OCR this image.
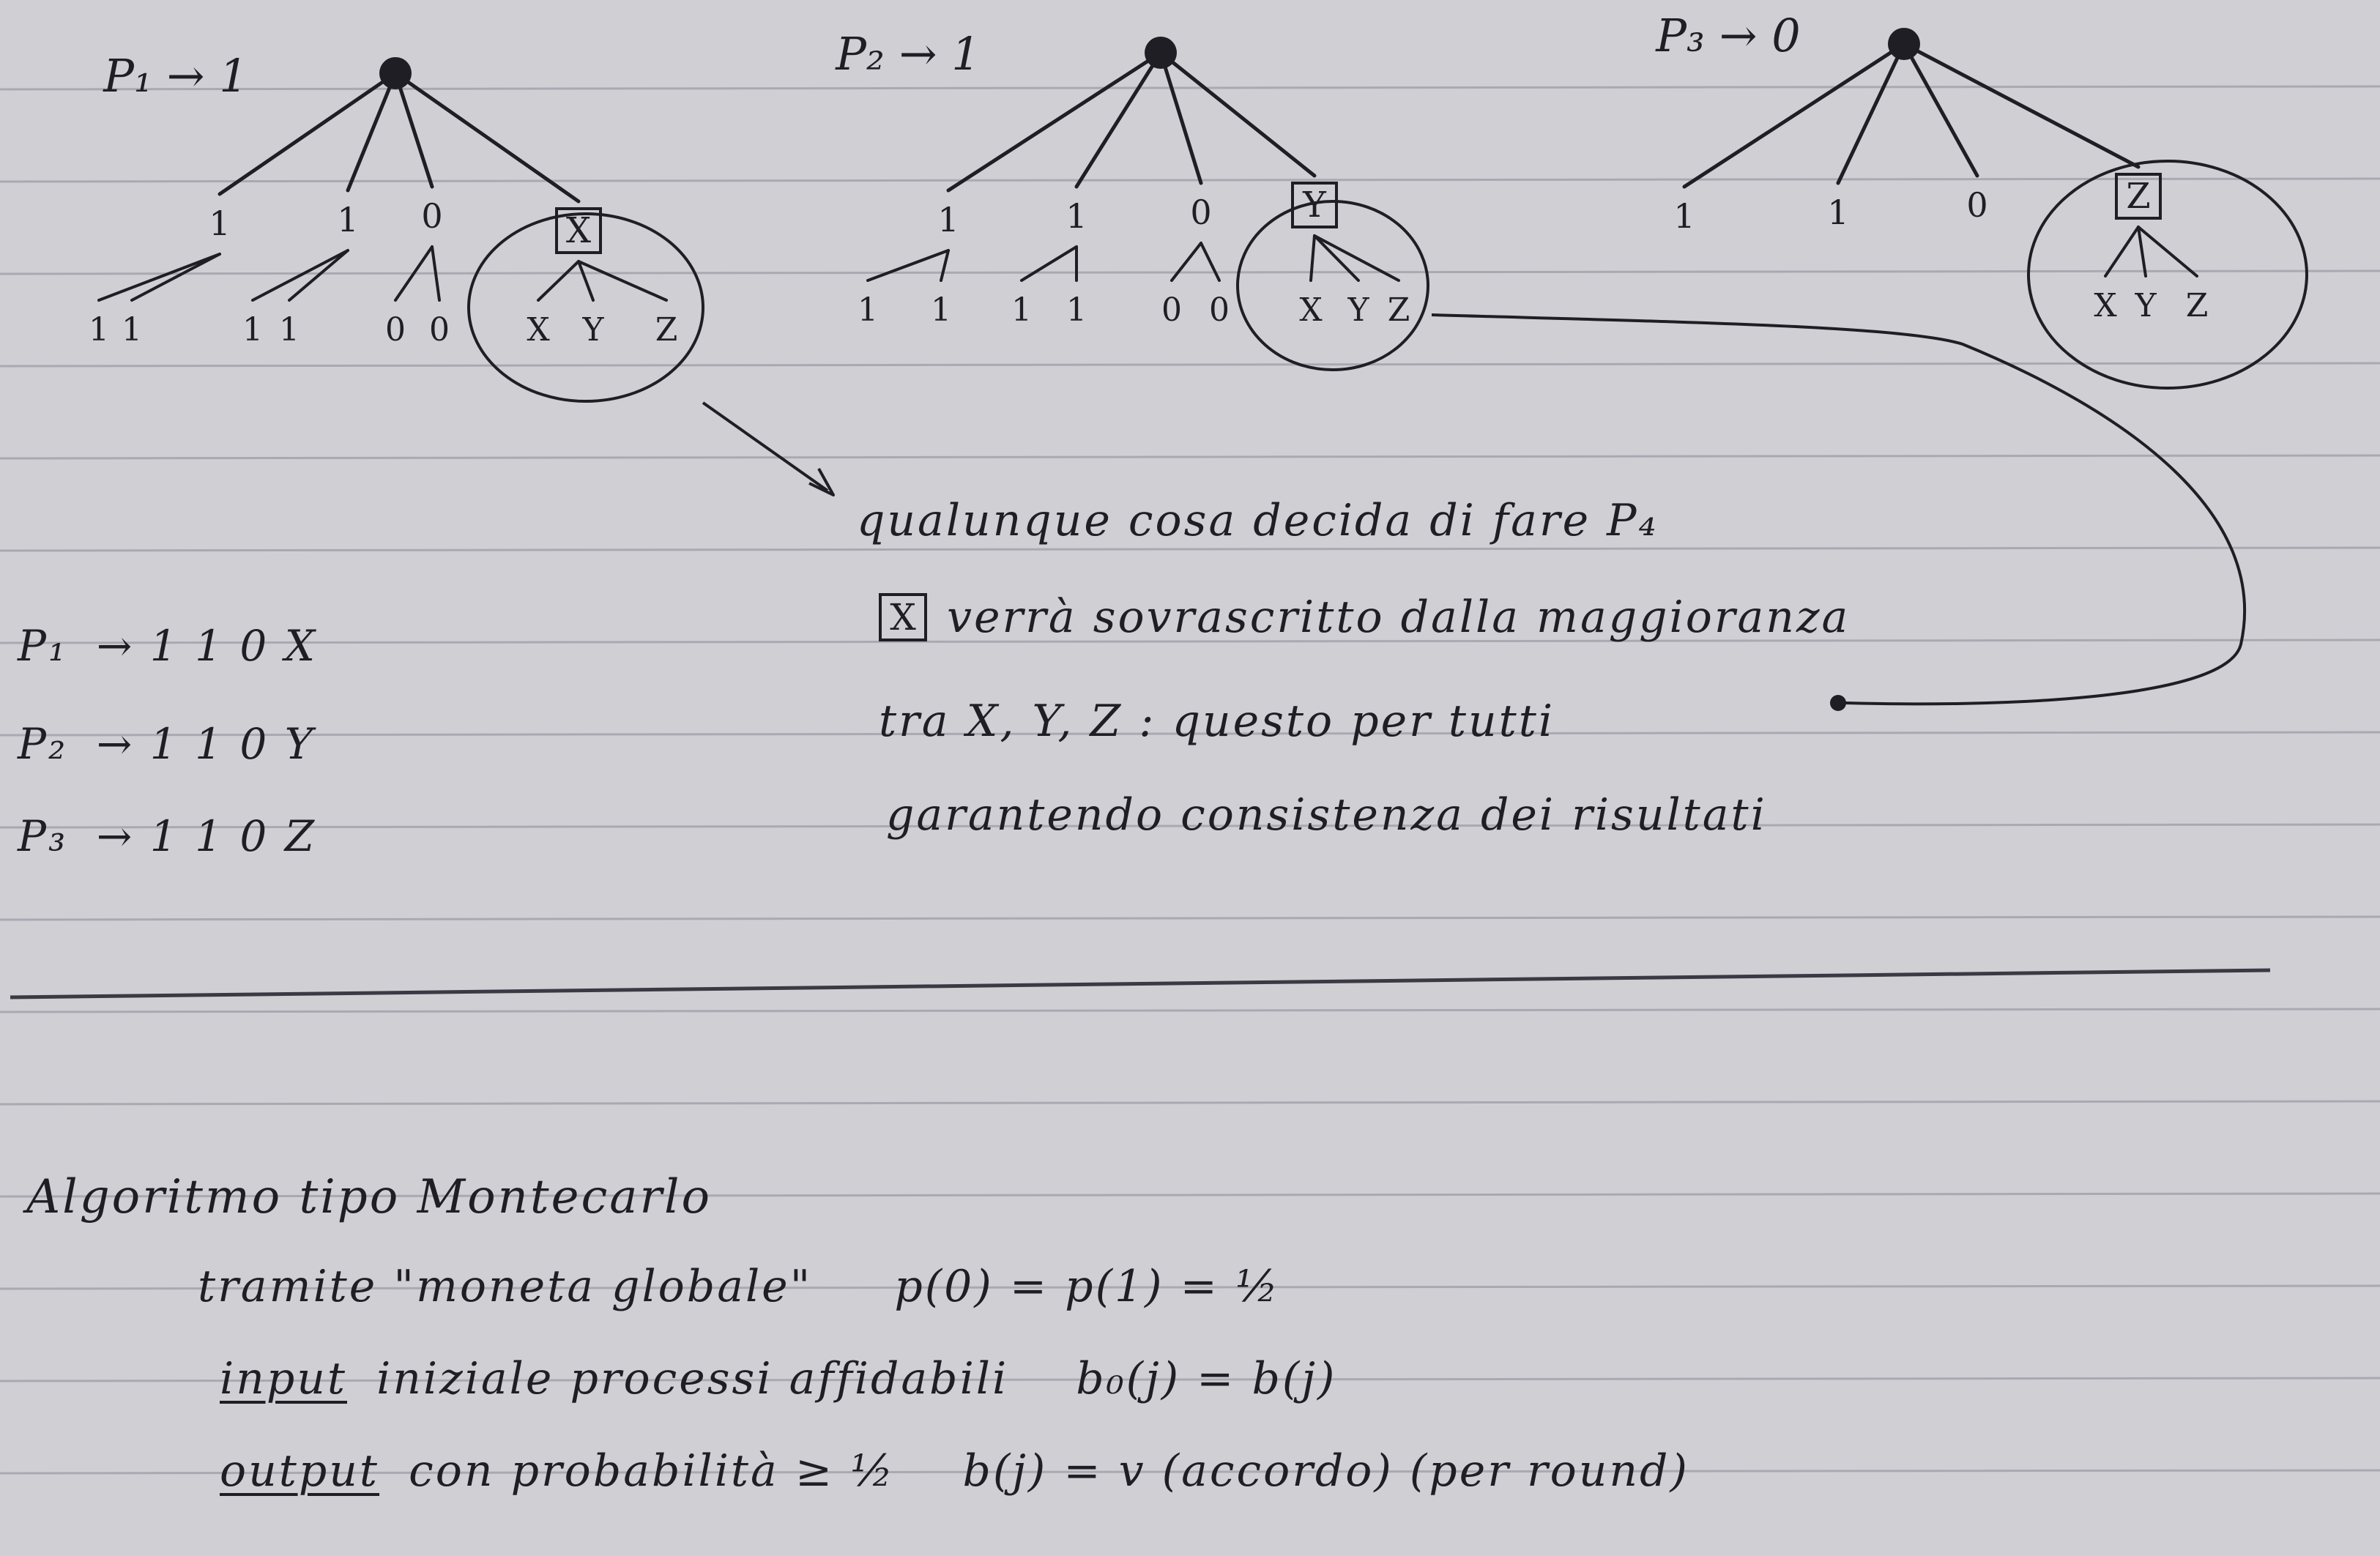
P₁ → 1
1
1 1
1
1 1
0
0 0
X
X Y Z
P₂ → 1
1
1 1
1
1 1
0
0 0
Y
X Y Z
P₃ → 0
1	1	0	Z
X Y Z
qualunque cosa decida di fare P₄
X verrà sovrascritto dalla maggioranza
tra X, Y, Z : questo per tutti
garantendo consistenza dei risultati
P₁ → 1 1 0 X
P₂ → 1 1 0 Y
P₃ → 1 1 0 Z
Algoritmo tipo Montecarlo
tramite "moneta globale" p(0) = p(1) = ½
input iniziale processi affidabili b₀(j) = b(j)
output con probabilità ≥ ½ b(j) = v (accordo) (per round)
